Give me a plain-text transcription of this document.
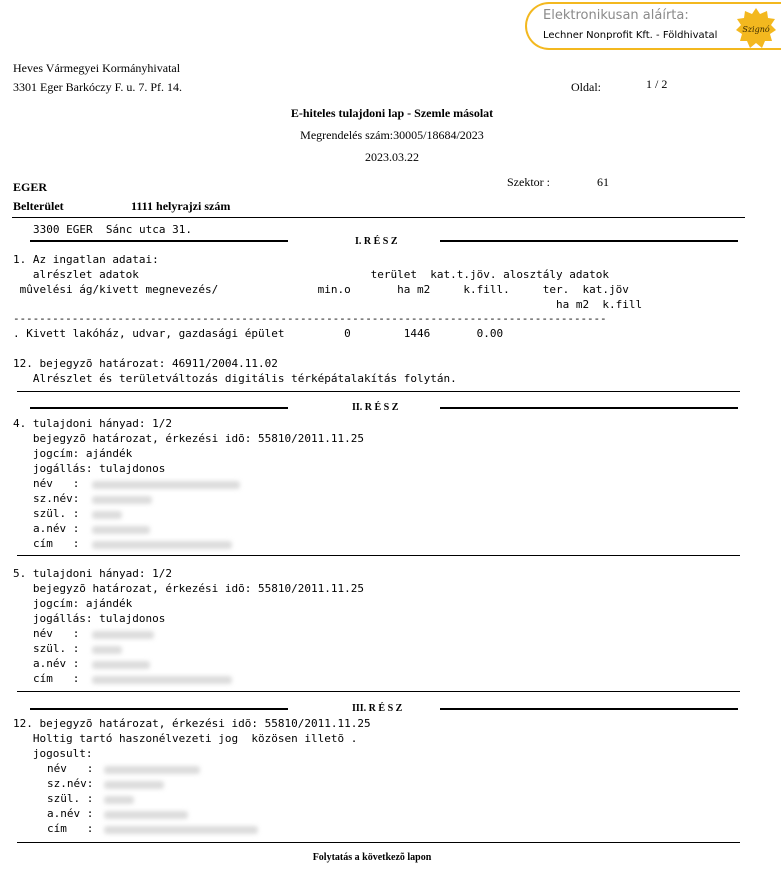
Elektronikusan aláírta:
Lechner Nonprofit Kft. - Földhivatal
Szignó
Heves Vármegyei Kormányhivatal
3301 Eger Barkóczy F. u. 7. Pf. 14.	Oldal:	1 / 2
E-hiteles tulajdoni lap - Szemle másolat
Megrendelés szám:30005/18684/2023
2023.03.22
EGER	Szektor :	61
Belterület	1111 helyrajzi szám
3300 EGER  Sánc utca 31.
I. R É S Z
1. Az ingatlan adatai:
alrészlet adatok                                   terület  kat.t.jöv. alosztály adatok
mûvelési ág/kivett megnevezés/               min.o       ha m2     k.fill.     ter.  kat.jöv
ha m2  k.fill
-------------------------------------------------------------------------------------------
. Kivett lakóház, udvar, gazdasági épület         0        1446       0.00
12. bejegyzõ határozat: 46911/2004.11.02
Alrészlet és területváltozás digitális térképátalakítás folytán.
II. R É S Z
4. tulajdoni hányad: 1/2
bejegyzõ határozat, érkezési idõ: 55810/2011.11.25
jogcím: ajándék
jogállás: tulajdonos
név   :
sz.név:
szül. :
a.név :
cím   :
5. tulajdoni hányad: 1/2
bejegyzõ határozat, érkezési idõ: 55810/2011.11.25
jogcím: ajándék
jogállás: tulajdonos
név   :
szül. :
a.név :
cím   :
III. R É S Z
12. bejegyzõ határozat, érkezési idõ: 55810/2011.11.25
Holtig tartó haszonélvezeti jog  közösen illetõ .
jogosult:
név   :
sz.név:
szül. :
a.név :
cím   :
Folytatás a következõ lapon
